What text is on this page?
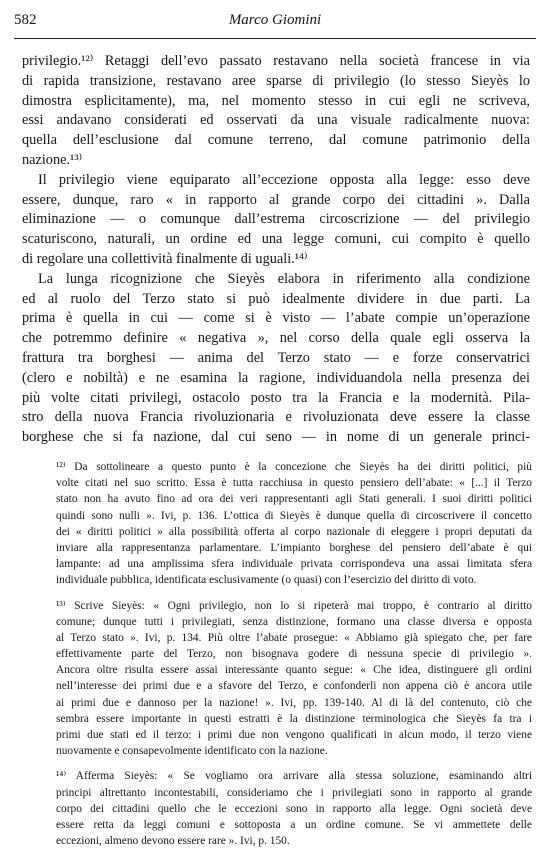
582	Marco Giomini
privilegio.¹²⁾ Retaggi dell’evo passato restavano nella società francese in via
di rapida transizione, restavano aree sparse di privilegio (lo stesso Sieyès lo
dimostra esplicitamente), ma, nel momento stesso in cui egli ne scriveva,
essi andavano considerati ed osservati da una visuale radicalmente nuova:
quella dell’esclusione dal comune terreno, dal comune patrimonio della
nazione.¹³⁾
Il privilegio viene equiparato all’eccezione opposta alla legge: esso deve
essere, dunque, raro « in rapporto al grande corpo dei cittadini ». Dalla
eliminazione — o comunque dall’estrema circoscrizione — del privilegio
scaturiscono, naturali, un ordine ed una legge comuni, cui compito è quello
di regolare una collettività finalmente di uguali.¹⁴⁾
La lunga ricognizione che Sieyès elabora in riferimento alla condizione
ed al ruolo del Terzo stato si può idealmente dividere in due parti. La
prima è quella in cui — come si è visto — l’abate compie un’operazione
che potremmo definire « negativa », nel corso della quale egli osserva la
frattura tra borghesi — anima del Terzo stato — e forze conservatrici
(clero e nobiltà) e ne esamina la ragione, individuandola nella presenza dei
più volte citati privilegi, ostacolo posto tra la Francia e la modernità. Pila-
stro della nuova Francia rivoluzionaria e rivoluzionata deve essere la classe
borghese che si fa nazione, dal cui seno — in nome di un generale princi-
¹²⁾ Da sottolineare a questo punto è la concezione che Sieyès ha dei diritti politici, più
volte citati nel suo scritto. Essa è tutta racchiusa in questo pensiero dell’abate: « [...] il Terzo
stato non ha avuto fino ad ora dei veri rappresentanti agli Stati generali. I suoi diritti politici
quindi sono nulli ». Ivi, p. 136. L’ottica di Sieyès è dunque quella di circoscrivere il concetto
dei « diritti politici » alla possibilità offerta al corpo nazionale di eleggere i propri deputati da
inviare alla rappresentanza parlamentare. L’impianto borghese del pensiero dell’abate è qui
lampante: ad una amplissima sfera individuale privata corrispondeva una assai limitata sfera
individuale pubblica, identificata esclusivamente (o quasi) con l’esercizio del diritto di voto.
¹³⁾ Scrive Sieyès: « Ogni privilegio, non lo si ripeterà mai troppo, è contrario al diritto
comune; dunque tutti i privilegiati, senza distinzione, formano una classe diversa e opposta
al Terzo stato ». Ivi, p. 134. Più oltre l’abate prosegue: « Abbiamo già spiegato che, per fare
effettivamente parte del Terzo, non bisognava godere di nessuna specie di privilegio ».
Ancora oltre risulta essere assai interessante quanto segue: « Che idea, distinguere gli ordini
nell’interesse dei primi due e a sfavore del Terzo, e confonderli non appena ciò è ancora utile
ai primi due e dannoso per la nazione! ». Ivi, pp. 139-140. Al di là del contenuto, ciò che
sembra essere importante in questi estratti è la distinzione terminologica che Sieyès fa tra i
primi due stati ed il terzo: i primi due non vengono qualificati in alcun modo, il terzo viene
nuovamente e consapevolmente identificato con la nazione.
¹⁴⁾ Afferma Sieyès: « Se vogliamo ora arrivare alla stessa soluzione, esaminando altri
principi altrettanto incontestabili, consideriamo che i privilegiati sono in rapporto al grande
corpo dei cittadini quello che le eccezioni sono in rapporto alla legge. Ogni società deve
essere retta da leggi comuni e sottoposta a un ordine comune. Se vi ammettete delle
eccezioni, almeno devono essere rare ». Ivi, p. 150.
